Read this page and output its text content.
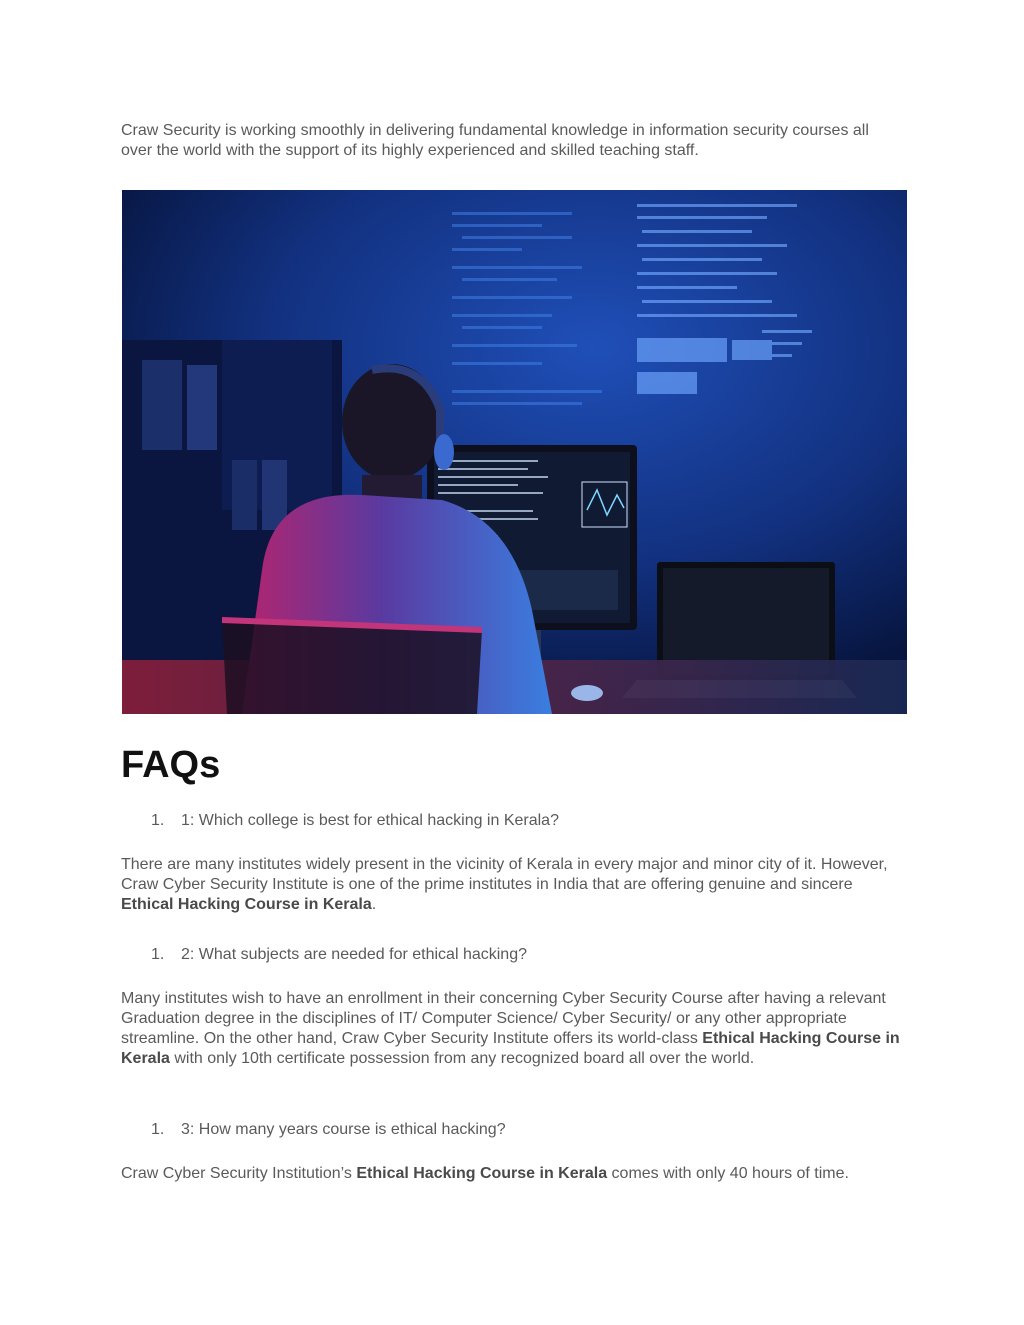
Craw Security is working smoothly in delivering fundamental knowledge in information security courses all over the world with the support of its highly experienced and skilled teaching staff.

FAQs

1.	1: Which college is best for ethical hacking in Kerala?

There are many institutes widely present in the vicinity of Kerala in every major and minor city of it. However, Craw Cyber Security Institute is one of the prime institutes in India that are offering genuine and sincere Ethical Hacking Course in Kerala.

1.	2: What subjects are needed for ethical hacking?

Many institutes wish to have an enrollment in their concerning Cyber Security Course after having a relevant Graduation degree in the disciplines of IT/ Computer Science/ Cyber Security/ or any other appropriate streamline. On the other hand, Craw Cyber Security Institute offers its world-class Ethical Hacking Course in Kerala with only 10th certificate possession from any recognized board all over the world.

1.	3: How many years course is ethical hacking?

Craw Cyber Security Institution’s Ethical Hacking Course in Kerala comes with only 40 hours of time.
